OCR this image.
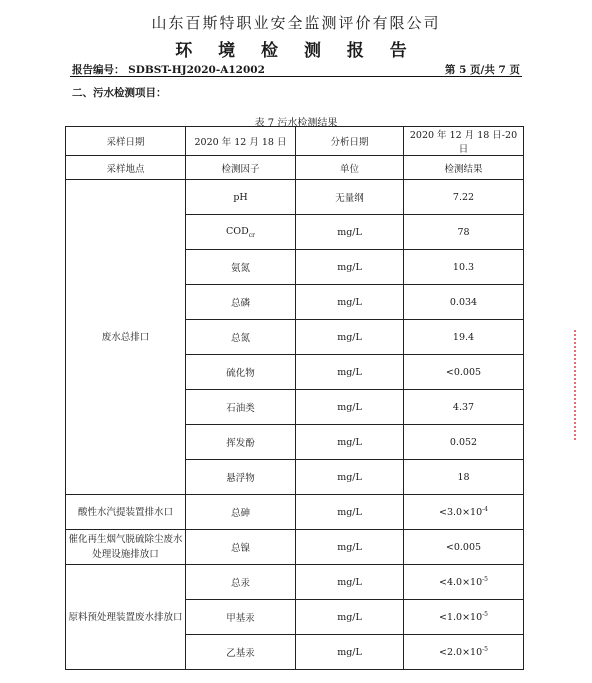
山东百斯特职业安全监测评价有限公司
环 境 检 测 报 告
报告编号： SDBST-HJ2020-A12002	第 5 页/共 7 页
二、污水检测项目：
表 7 污水检测结果
采样日期	2020 年 12 月 18 日	分析日期	2020 年 12 月 18 日-20 日
采样地点	检测因子	单位	检测结果
废水总排口	pH	无量纲	7.22
	$COD_{cr}$	mg/L	78
	氨氮	mg/L	10.3
	总磷	mg/L	0.034
	总氮	mg/L	19.4
	硫化物	mg/L	<0.005
	石油类	mg/L	4.37
	挥发酚	mg/L	0.052
	悬浮物	mg/L	18
酸性水汽提装置排水口	总砷	mg/L	$<3.0\times 10^{-4}$
催化再生烟气脱硫除尘废水处理设施排放口	总镍	mg/L	<0.005
原料预处理装置废水排放口	总汞	mg/L	$<4.0\times 10^{-5}$
	甲基汞	mg/L	$<1.0\times 10^{-5}$
	乙基汞	mg/L	$<2.0\times 10^{-5}$
